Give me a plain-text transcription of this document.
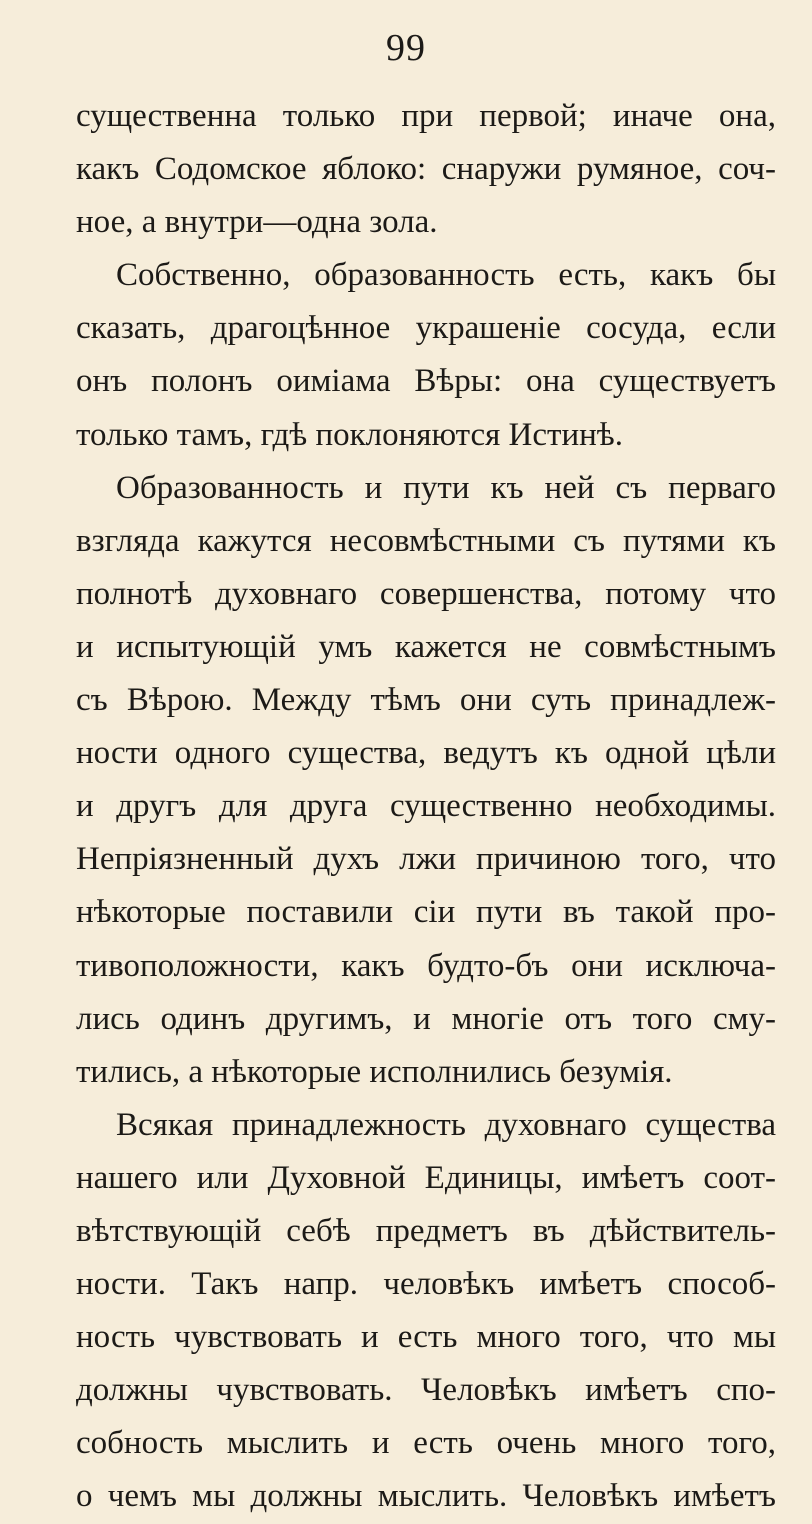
99
существенна только при первой; иначе она,
какъ Содомское яблоко: снаружи румяное, соч-
ное, а внутри—одна зола.
Собственно, образованность есть, какъ бы
сказать, драгоцѣнное украшеніе сосуда, если
онъ полонъ оиміама Вѣры: она существуетъ
только тамъ, гдѣ поклоняются Истинѣ.
Образованность и пути къ ней съ перваго
взгляда кажутся несовмѣстными съ путями къ
полнотѣ духовнаго совершенства, потому что
и испытующій умъ кажется не совмѣстнымъ
съ Вѣрою. Между тѣмъ они суть принадлеж-
ности одного существа, ведутъ къ одной цѣли
и другъ для друга существенно необходимы.
Непріязненный духъ лжи причиною того, что
нѣкоторые поставили сіи пути въ такой про-
тивоположности, какъ будто-бъ они исключа-
лись одинъ другимъ, и многіе отъ того сму-
тились, а нѣкоторые исполнились безумія.
Всякая принадлежность духовнаго существа
нашего или Духовной Единицы, имѣетъ соот-
вѣтствующій себѣ предметъ въ дѣйствитель-
ности. Такъ напр. человѣкъ имѣетъ способ-
ность чувствовать и есть много того, что мы
должны чувствовать. Человѣкъ имѣетъ спо-
собность мыслить и есть очень много того,
о чемъ мы должны мыслить. Человѣкъ имѣетъ
